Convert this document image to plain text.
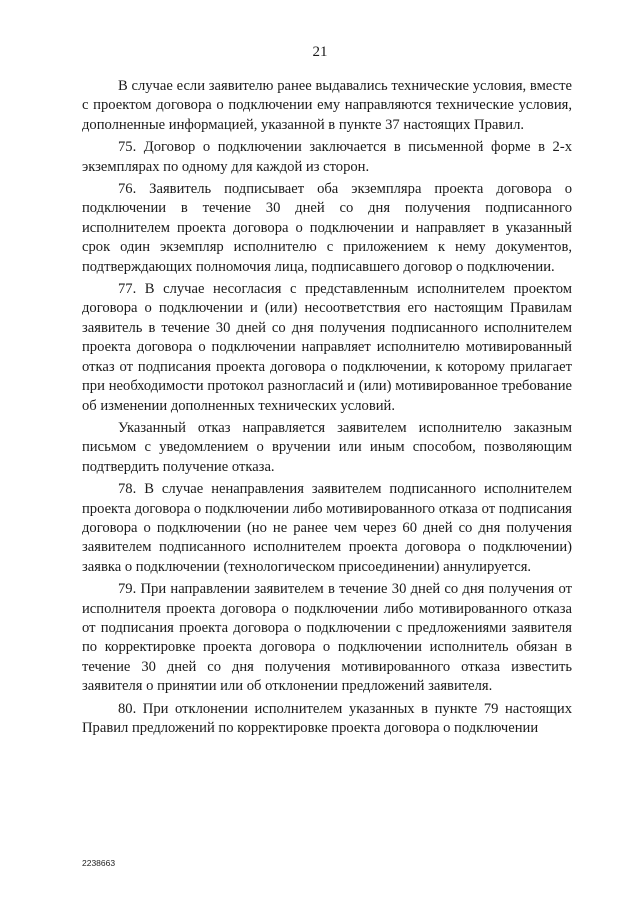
21

В случае если заявителю ранее выдавались технические условия, вместе с проектом договора о подключении ему направляются технические условия, дополненные информацией, указанной в пункте 37 настоящих Правил.

75. Договор о подключении заключается в письменной форме в 2-х экземплярах по одному для каждой из сторон.

76. Заявитель подписывает оба экземпляра проекта договора о подключении в течение 30 дней со дня получения подписанного исполнителем проекта договора о подключении и направляет в указанный срок один экземпляр исполнителю с приложением к нему документов, подтверждающих полномочия лица, подписавшего договор о подключении.

77. В случае несогласия с представленным исполнителем проектом договора о подключении и (или) несоответствия его настоящим Правилам заявитель в течение 30 дней со дня получения подписанного исполнителем проекта договора о подключении направляет исполнителю мотивированный отказ от подписания проекта договора о подключении, к которому прилагает при необходимости протокол разногласий и (или) мотивированное требование об изменении дополненных технических условий.

Указанный отказ направляется заявителем исполнителю заказным письмом с уведомлением о вручении или иным способом, позволяющим подтвердить получение отказа.

78. В случае ненаправления заявителем подписанного исполнителем проекта договора о подключении либо мотивированного отказа от подписания договора о подключении (но не ранее чем через 60 дней со дня получения заявителем подписанного исполнителем проекта договора о подключении) заявка о подключении (технологическом присоединении) аннулируется.

79. При направлении заявителем в течение 30 дней со дня получения от исполнителя проекта договора о подключении либо мотивированного отказа от подписания проекта договора о подключении с предложениями заявителя по корректировке проекта договора о подключении исполнитель обязан в течение 30 дней со дня получения мотивированного отказа известить заявителя о принятии или об отклонении предложений заявителя.

80. При отклонении исполнителем указанных в пункте 79 настоящих Правил предложений по корректировке проекта договора о подключении

2238663
